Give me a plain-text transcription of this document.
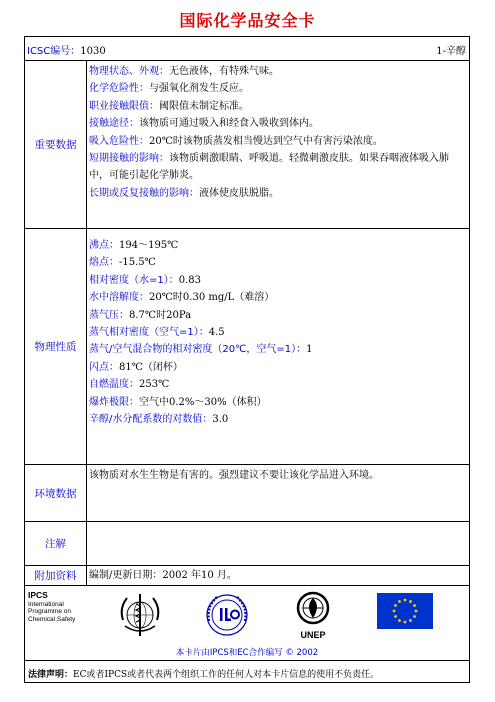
国际化学品安全卡
ICSC编号：1030	1-辛醇
重要数据
物理状态、外观：无色液体，有特殊气味。
化学危险性：与强氧化剂发生反应。
职业接触限值：阈限值未制定标准。
接触途径：该物质可通过吸入和经食入吸收到体内。
吸入危险性：20℃时该物质蒸发相当慢达到空气中有害污染浓度。
短期接触的影响：该物质刺激眼睛、呼吸道。轻微刺激皮肤。如果吞咽液体吸入肺中，可能引起化学肺炎。
长期或反复接触的影响：液体使皮肤脱脂。
物理性质
沸点：194～195℃
熔点：-15.5℃
相对密度（水=1）：0.83
水中溶解度：20℃时0.30 mg/L（难溶）
蒸气压：8.7℃时20Pa
蒸气相对密度（空气=1）：4.5
蒸气/空气混合物的相对密度（20℃，空气=1）：1
闪点：81℃（闭杯）
自燃温度：253℃
爆炸极限：空气中0.2%～30%（体积）
辛醇/水分配系数的对数值：3.0
环境数据
该物质对水生生物是有害的。强烈建议不要让该化学品进入环境。
注解
附加资料	编制/更新日期：2002 年10 月。
IPCS
International
Programme on
Chemical Safety
UNEP
本卡片由IPCS和EC合作编写 © 2002
法律声明：EC或者IPCS或者代表两个组织工作的任何人对本卡片信息的使用不负责任。
